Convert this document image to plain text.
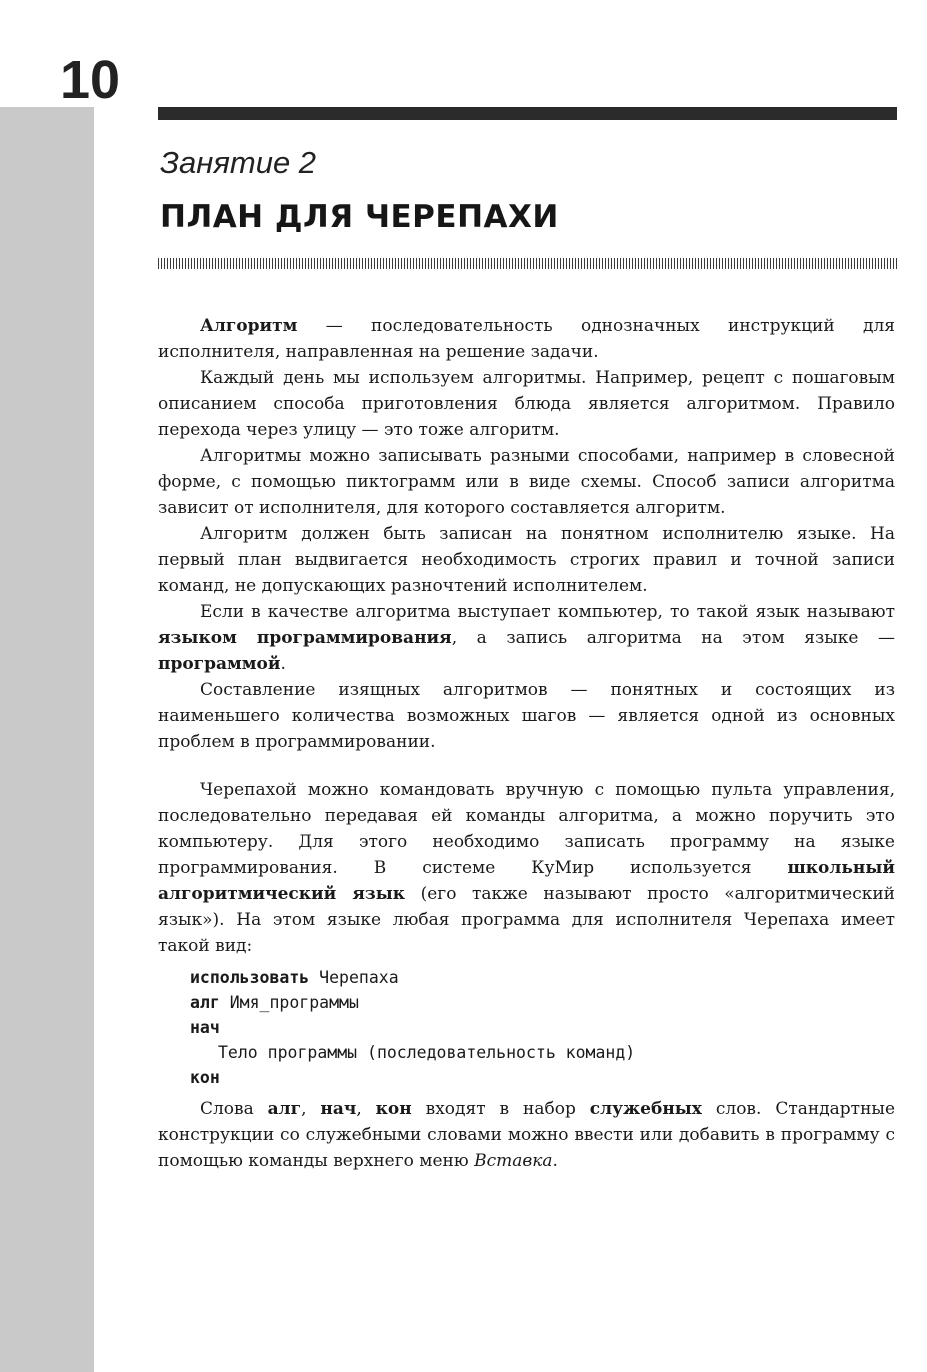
10
Занятие 2
ПЛАН ДЛЯ ЧЕРЕПАХИ

Алгоритм — последовательность однозначных инструкций для исполнителя, направленная на решение задачи.

Каждый день мы используем алгоритмы. Например, рецепт с пошаговым описанием способа приготовления блюда является алгоритмом. Правило перехода через улицу — это тоже алгоритм.

Алгоритмы можно записывать разными способами, например в словесной форме, с помощью пиктограмм или в виде схемы. Способ записи алгоритма зависит от исполнителя, для которого составляется алгоритм.

Алгоритм должен быть записан на понятном исполнителю языке. На первый план выдвигается необходимость строгих правил и точной записи команд, не допускающих разночтений исполнителем.

Если в качестве алгоритма выступает компьютер, то такой язык называют языком программирования, а запись алгоритма на этом языке — программой.

Составление изящных алгоритмов — понятных и состоящих из наименьшего количества возможных шагов — является одной из основных проблем в программировании.

Черепахой можно командовать вручную с помощью пульта управления, последовательно передавая ей команды алгоритма, а можно поручить это компьютеру. Для этого необходимо записать программу на языке программирования. В системе КуМир используется школьный алгоритмический язык (его также называют просто «алгоритмический язык»). На этом языке любая программа для исполнителя Черепаха имеет такой вид:

использовать Черепаха
алг Имя_программы
нач
Тело программы (последовательность команд)
кон

Слова алг, нач, кон входят в набор служебных слов. Стандартные конструкции со служебными словами можно ввести или добавить в программу с помощью команды верхнего меню Вставка.
